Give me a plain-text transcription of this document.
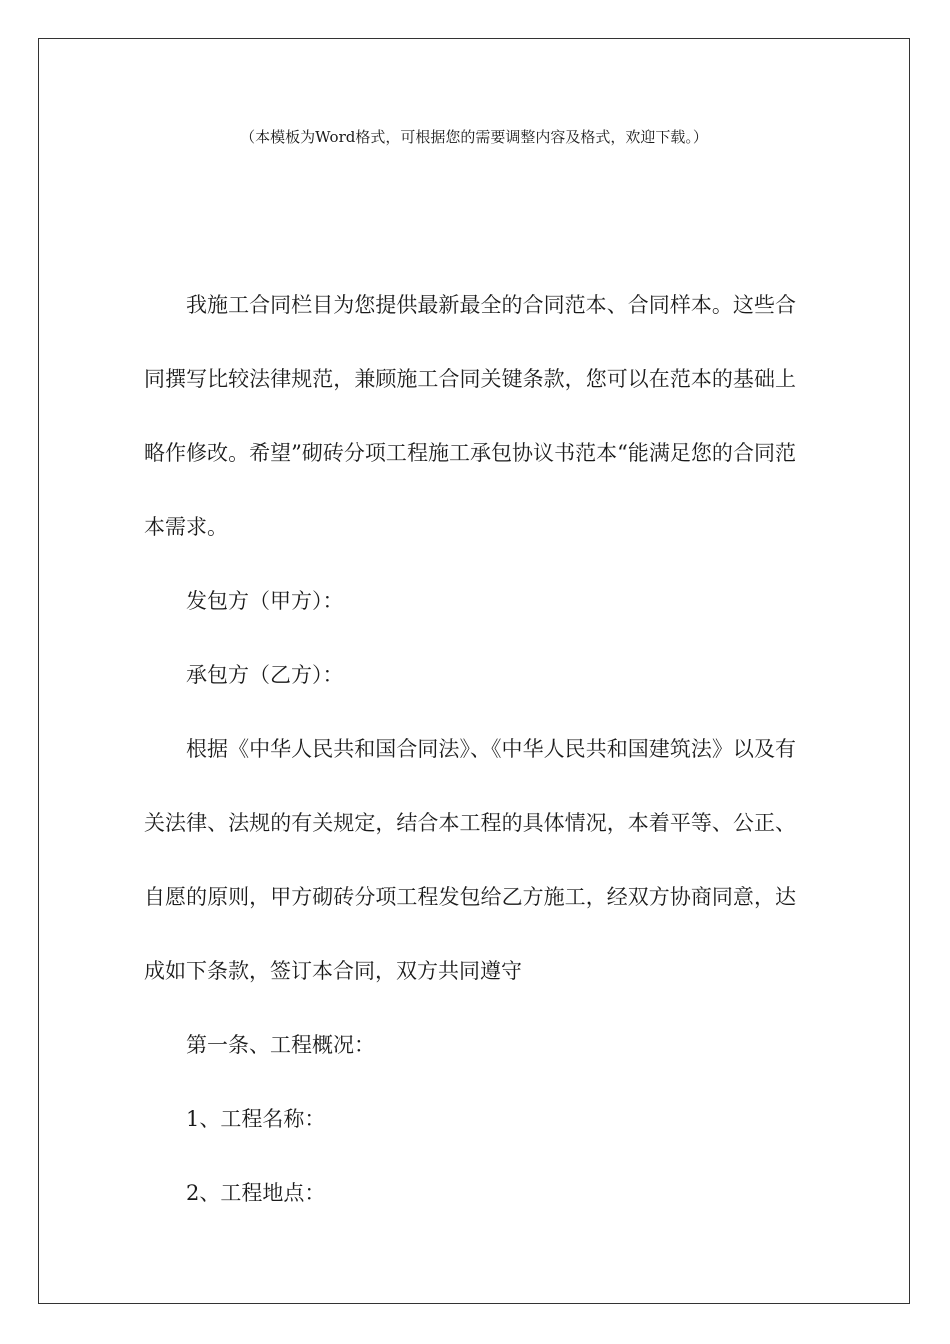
（本模板为Word格式，可根据您的需要调整内容及格式，欢迎下载。）

我施工合同栏目为您提供最新最全的合同范本、合同样本。这些合同撰写比较法律规范，兼顾施工合同关键条款，您可以在范本的基础上略作修改。希望”砌砖分项工程施工承包协议书范本“能满足您的合同范本需求。

发包方（甲方）：

承包方（乙方）：

根据《中华人民共和国合同法》、《中华人民共和国建筑法》以及有关法律、法规的有关规定，结合本工程的具体情况，本着平等、公正、自愿的原则，甲方砌砖分项工程发包给乙方施工，经双方协商同意，达成如下条款，签订本合同，双方共同遵守

第一条、工程概况：

1、工程名称：

2、工程地点：
